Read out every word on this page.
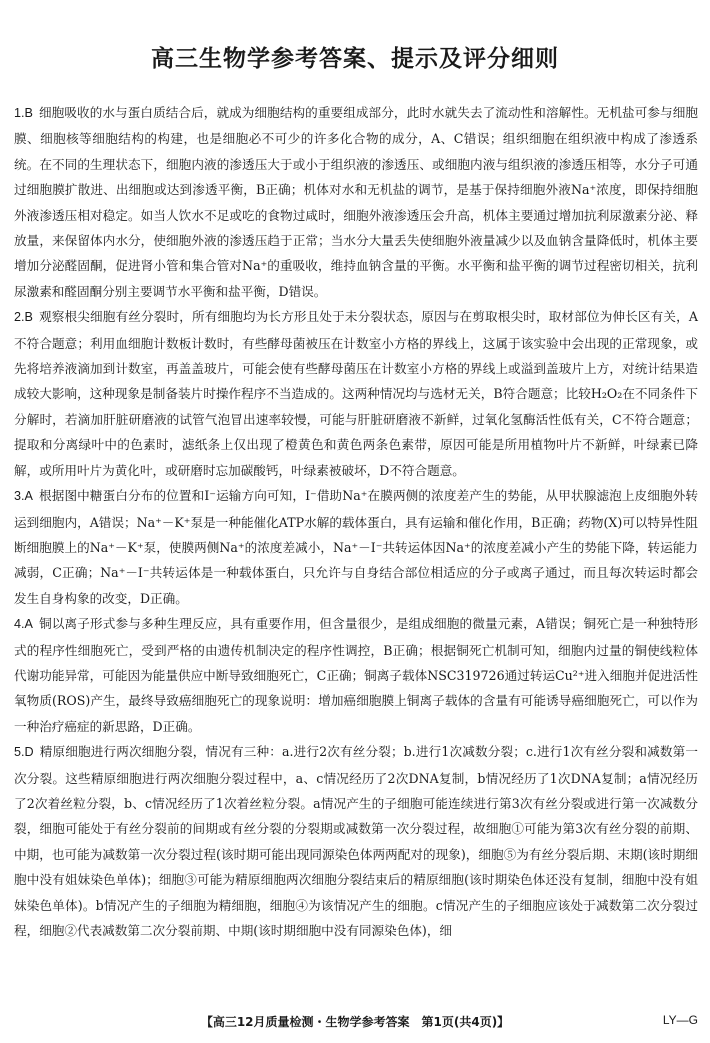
高三生物学参考答案、提示及评分细则

1.B 细胞吸收的水与蛋白质结合后，就成为细胞结构的重要组成部分，此时水就失去了流动性和溶解性。无机盐可参与细胞膜、细胞核等细胞结构的构建，也是细胞必不可少的许多化合物的成分，A、C错误；组织细胞在组织液中构成了渗透系统。在不同的生理状态下，细胞内液的渗透压大于或小于组织液的渗透压、或细胞内液与组织液的渗透压相等，水分子可通过细胞膜扩散进、出细胞或达到渗透平衡，B正确；机体对水和无机盐的调节，是基于保持细胞外液Na⁺浓度，即保持细胞外液渗透压相对稳定。如当人饮水不足或吃的食物过咸时，细胞外液渗透压会升高，机体主要通过增加抗利尿激素分泌、释放量，来保留体内水分，使细胞外液的渗透压趋于正常；当水分大量丢失使细胞外液量减少以及血钠含量降低时，机体主要增加分泌醛固酮，促进肾小管和集合管对Na⁺的重吸收，维持血钠含量的平衡。水平衡和盐平衡的调节过程密切相关，抗利尿激素和醛固酮分别主要调节水平衡和盐平衡，D错误。

2.B 观察根尖细胞有丝分裂时，所有细胞均为长方形且处于未分裂状态，原因与在剪取根尖时，取材部位为伸长区有关，A不符合题意；利用血细胞计数板计数时，有些酵母菌被压在计数室小方格的界线上，这属于该实验中会出现的正常现象，或先将培养液滴加到计数室，再盖盖玻片，可能会使有些酵母菌压在计数室小方格的界线上或溢到盖玻片上方，对统计结果造成较大影响，这种现象是制备装片时操作程序不当造成的。这两种情况均与选材无关，B符合题意；比较H₂O₂在不同条件下分解时，若滴加肝脏研磨液的试管气泡冒出速率较慢，可能与肝脏研磨液不新鲜，过氧化氢酶活性低有关，C不符合题意；提取和分离绿叶中的色素时，滤纸条上仅出现了橙黄色和黄色两条色素带，原因可能是所用植物叶片不新鲜，叶绿素已降解，或所用叶片为黄化叶，或研磨时忘加碳酸钙，叶绿素被破坏，D不符合题意。

3.A 根据图中糖蛋白分布的位置和I⁻运输方向可知，I⁻借助Na⁺在膜两侧的浓度差产生的势能，从甲状腺滤泡上皮细胞外转运到细胞内，A错误；Na⁺－K⁺泵是一种能催化ATP水解的载体蛋白，具有运输和催化作用，B正确；药物(X)可以特异性阻断细胞膜上的Na⁺－K⁺泵，使膜两侧Na⁺的浓度差减小，Na⁺－I⁻共转运体因Na⁺的浓度差减小产生的势能下降，转运能力减弱，C正确；Na⁺－I⁻共转运体是一种载体蛋白，只允许与自身结合部位相适应的分子或离子通过，而且每次转运时都会发生自身构象的改变，D正确。

4.A 铜以离子形式参与多种生理反应，具有重要作用，但含量很少，是组成细胞的微量元素，A错误；铜死亡是一种独特形式的程序性细胞死亡，受到严格的由遗传机制决定的程序性调控，B正确；根据铜死亡机制可知，细胞内过量的铜使线粒体代谢功能异常，可能因为能量供应中断导致细胞死亡，C正确；铜离子载体NSC319726通过转运Cu²⁺进入细胞并促进活性氧物质(ROS)产生，最终导致癌细胞死亡的现象说明：增加癌细胞膜上铜离子载体的含量有可能诱导癌细胞死亡，可以作为一种治疗癌症的新思路，D正确。

5.D 精原细胞进行两次细胞分裂，情况有三种：a.进行2次有丝分裂；b.进行1次减数分裂；c.进行1次有丝分裂和减数第一次分裂。这些精原细胞进行两次细胞分裂过程中，a、c情况经历了2次DNA复制，b情况经历了1次DNA复制；a情况经历了2次着丝粒分裂，b、c情况经历了1次着丝粒分裂。a情况产生的子细胞可能连续进行第3次有丝分裂或进行第一次减数分裂，细胞可能处于有丝分裂前的间期或有丝分裂的分裂期或减数第一次分裂过程，故细胞①可能为第3次有丝分裂的前期、中期，也可能为减数第一次分裂过程(该时期可能出现同源染色体两两配对的现象)，细胞⑤为有丝分裂后期、末期(该时期细胞中没有姐妹染色单体)；细胞③可能为精原细胞两次细胞分裂结束后的精原细胞(该时期染色体还没有复制，细胞中没有姐妹染色单体)。b情况产生的子细胞为精细胞，细胞④为该情况产生的细胞。c情况产生的子细胞应该处于减数第二次分裂过程，细胞②代表减数第二次分裂前期、中期(该时期细胞中没有同源染色体)，细

【高三12月质量检测・生物学参考答案　第1页(共4页)】	LY—G
